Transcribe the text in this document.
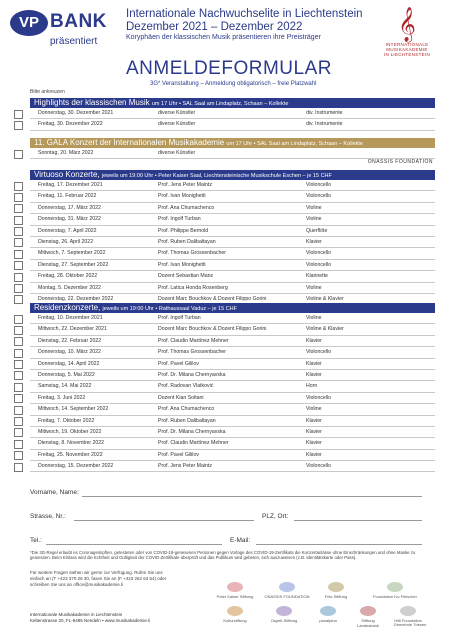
VP BANK
präsentiert
Internationale Nachwuchselite in Liechtenstein
Dezember 2021 – Dezember 2022
Koryphäen der klassischen Musik präsentieren ihre Preisträger	𝄞
INTERNATIONALE
MUSIKAKADEMIE
IN LIECHTENSTEIN
ANMELDEFORMULAR
3G* Veranstaltung – Anmeldung obligatorisch – freie Platzwahl
Bitte ankreuzen
Highlights der klassischen Musik um 17 Uhr • SAL Saal am Lindaplatz, Schaan – Kollekte
Donnerstag, 30. Dezember 2021	diverse Künstler	div. Instrumente
Freitag, 30. Dezember 2022	diverse Künstler	div. Instrumente
11. GALA Konzert der Internationalen Musikakademie um 17 Uhr • SAL Saal am Lindaplatz, Schaan – Kollekte
Sonntag, 20. März 2022	diverse Künstler
ONASSIS FOUNDATION
Virtuoso Konzerte, jeweils um 19:00 Uhr • Peter Kaiser Saal, Liechtensteinische Musikschule Eschen – je 15 CHF
Freitag, 17. Dezember 2021	Prof. Jens Peter Maintz	Violoncello
Freitag, 11. Februar 2022	Prof. Ivan Monighetti	Violoncello
Donnerstag, 17. März 2022	Prof. Ana Chumachenco	Violine
Donnerstag, 31. März 2022	Prof. Ingolf Turban	Violine
Donnerstag, 7. April 2022	Prof. Philippe Bernold	Querflöte
Dienstag, 26. April 2022	Prof. Ruben Dalibaltayan	Klavier
Mittwoch, 7. September 2022	Prof. Thomas Grossenbacher	Violoncello
Dienstag, 27. September 2022	Prof. Ivan Monighetti	Violoncello
Freitag, 28. Oktober 2022	Dozent Sebastian Manz	Klarinette
Montag, 5. Dezember 2022	Prof. Latica Honda Rosenberg	Violine
Donnerstag, 22. Dezember 2022	Dozent Marc Bouchkov & Dozent Filippo Gorini	Violine & Klavier
Residenzkonzerte, jeweils um 19:00 Uhr • Rathaussaal Vaduz – je 15 CHF
Freitag, 10. Dezember 2021	Prof. Ingolf Turban	Violine
Mittwoch, 22. Dezember 2021	Dozent Marc Bouchkov & Dozent Filippo Gorini	Violine & Klavier
Dienstag, 22. Februar 2022	Prof. Claudio Martínez Mehner	Klavier
Donnerstag, 10. März 2022	Prof. Thomas Grossenbacher	Violoncello
Donnerstag, 14. April 2022	Prof. Pavel Gililov	Klavier
Donnerstag, 5. Mai 2022	Prof. Dr. Milana Chernyavska	Klavier
Samstag, 14. Mai 2022	Prof. Radovan Vlatković	Horn
Freitag, 3. Juni 2022	Dozent Kian Soltani	Violoncello
Mittwoch, 14. September 2022	Prof. Ana Chumachenco	Violine
Freitag, 7. Oktober 2022	Prof. Ruben Dalibaltayan	Klavier
Mittwoch, 19. Oktober 2022	Prof. Dr. Milana Chernyavska	Klavier
Dienstag, 8. November 2022	Prof. Claudio Martínez Mehner	Klavier
Freitag, 25. November 2022	Prof. Pavel Gililov	Klavier
Donnerstag, 15. Dezember 2022	Prof. Jens Peter Maintz	Violoncello
Vorname, Name:
Strasse, Nr.:	PLZ, Ort:
Tel.:	E-Mail:
*Die 3G-Regel erlaubt es Coronageimpften, getesteten oder von COVID-19-genesenen Personen gegen Vorlage des COVID-19-Zertifikats die Konzertanlässe ohne Einschränkungen und ohne Maske zu geniessen. Beim Einlass wird die Echtheit und Gültigkeit der COVID-Zertifikate überprüft und das Publikum wird gebeten, sich auszuweisen (z.B. Identitätskarte oder Pass).
Für weitere Fragen stehen wir gerne zur Verfügung. Rufen Sie uns einfach an (T +423 370 28 30, faxen Sie an (F +423 262 63 54) oder schreiben Sie uns an office@musikakademie.li
Internationale Musikakademie in Liechtenstein
Keltenstrasse 20, FL-9485 Nendeln • www.musikakademie.li
Peter Kaiser Stiftung	ONASSIS FOUNDATION	Fritz Stiftung	Foundation Ivo Fleischer
Kulturstiftung	Ospelt-Stiftung	panalpina	Stiftung Landesbank
Hilti Foundation
Gemeinde Triesen
